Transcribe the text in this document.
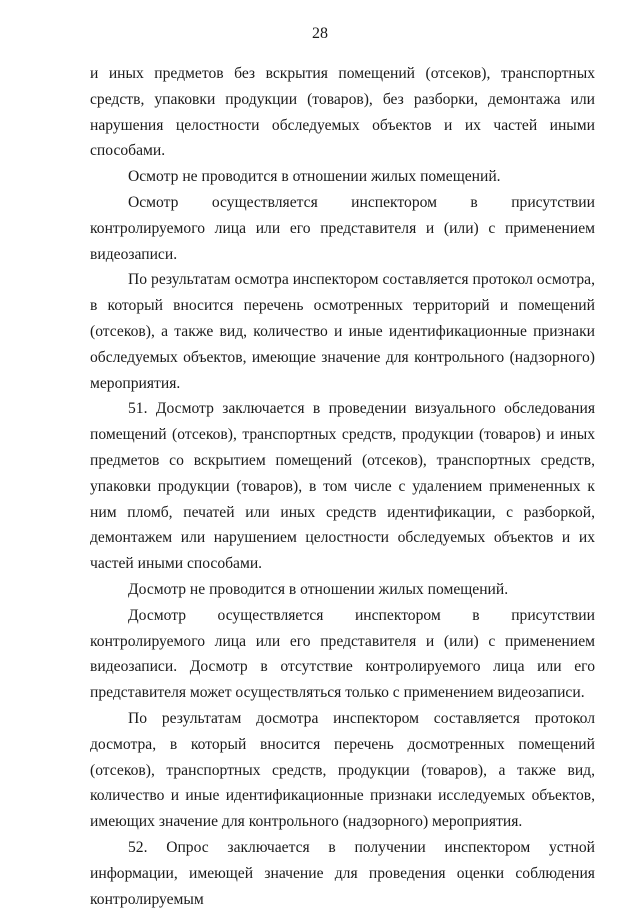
28

и иных предметов без вскрытия помещений (отсеков), транспортных средств, упаковки продукции (товаров), без разборки, демонтажа или нарушения целостности обследуемых объектов и их частей иными способами.

Осмотр не проводится в отношении жилых помещений.

Осмотр осуществляется инспектором в присутствии контролируемого лица или его представителя и (или) с применением видеозаписи.

По результатам осмотра инспектором составляется протокол осмотра, в который вносится перечень осмотренных территорий и помещений (отсеков), а также вид, количество и иные идентификационные признаки обследуемых объектов, имеющие значение для контрольного (надзорного) мероприятия.

51. Досмотр заключается в проведении визуального обследования помещений (отсеков), транспортных средств, продукции (товаров) и иных предметов со вскрытием помещений (отсеков), транспортных средств, упаковки продукции (товаров), в том числе с удалением примененных к ним пломб, печатей или иных средств идентификации, с разборкой, демонтажем или нарушением целостности обследуемых объектов и их частей иными способами.

Досмотр не проводится в отношении жилых помещений.

Досмотр осуществляется инспектором в присутствии контролируемого лица или его представителя и (или) с применением видеозаписи. Досмотр в отсутствие контролируемого лица или его представителя может осуществляться только с применением видеозаписи.

По результатам досмотра инспектором составляется протокол досмотра, в который вносится перечень досмотренных помещений (отсеков), транспортных средств, продукции (товаров), а также вид, количество и иные идентификационные признаки исследуемых объектов, имеющих значение для контрольного (надзорного) мероприятия.

52. Опрос заключается в получении инспектором устной информации, имеющей значение для проведения оценки соблюдения контролируемым
